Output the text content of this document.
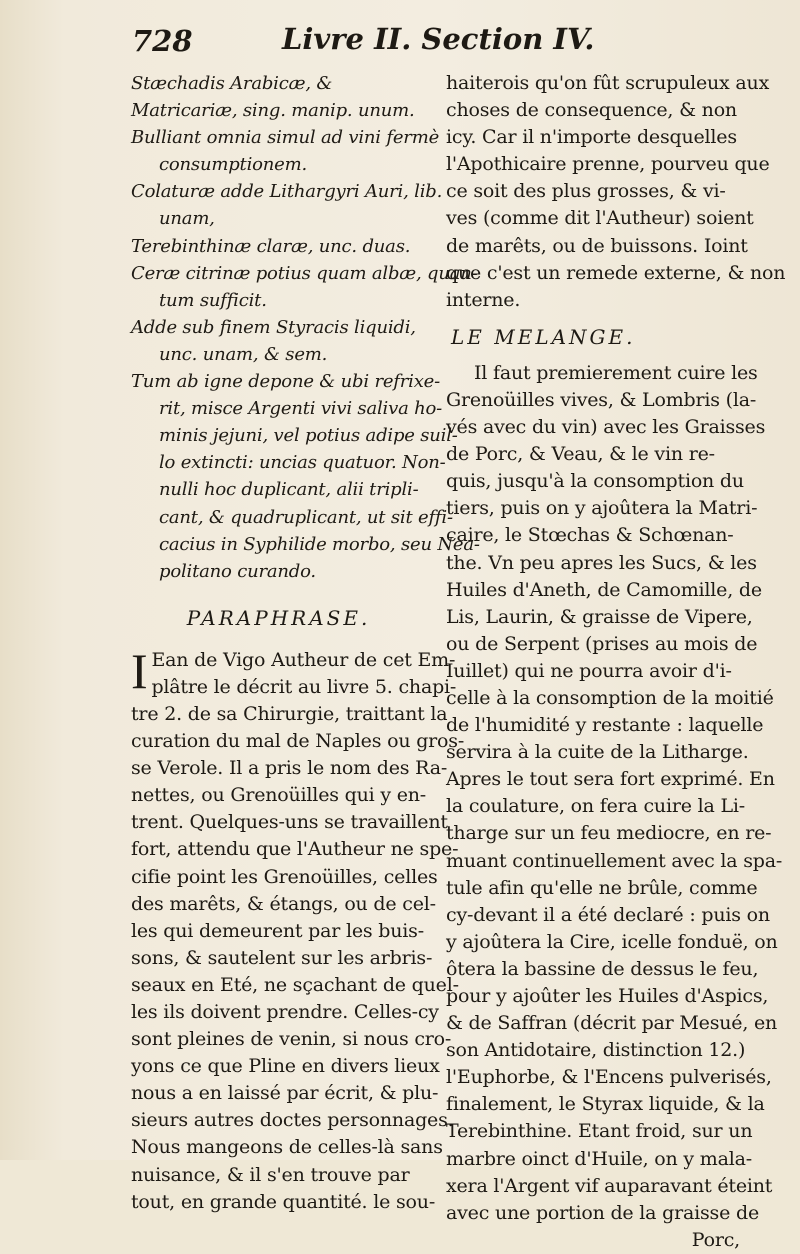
728	Livre II. Section IV.
Stæchadis Arabicæ, &
Matricariæ, sing. manip. unum.
Bulliant omnia simul ad vini fermè
consumptionem.
Colaturæ adde Lithargyri Auri, lib.
unam,
Terebinthinæ claræ, unc. duas.
Ceræ citrinæ potius quam albæ, quan-
tum sufficit.
Adde sub finem Styracis liquidi,
unc. unam, & sem.
Tum ab igne depone & ubi refrixe-
rit, misce Argenti vivi saliva ho-
minis jejuni, vel potius adipe suil-
lo extincti: uncias quatuor. Non-
nulli hoc duplicant, alii tripli-
cant, & quadruplicant, ut sit effi-
cacius in Syphilide morbo, seu Nea-
politano curando.
PARAPHRASE.
I Ean de Vigo Autheur de cet Em-
plâtre le décrit au livre 5. chapi-
tre 2. de sa Chirurgie, traittant la
curation du mal de Naples ou gros-
se Verole. Il a pris le nom des Ra-
nettes, ou Grenoüilles qui y en-
trent. Quelques-uns se travaillent
fort, attendu que l'Autheur ne spe-
cifie point les Grenoüilles, celles
des marêts, & étangs, ou de cel-
les qui demeurent par les buis-
sons, & sautelent sur les arbris-
seaux en Eté, ne sçachant de quel-
les ils doivent prendre. Celles-cy
sont pleines de venin, si nous cro-
yons ce que Pline en divers lieux
nous a en laissé par écrit, & plu-
sieurs autres doctes personnages.
Nous mangeons de celles-là sans
nuisance, & il s'en trouve par
tout, en grande quantité. le sou-
haiterois qu'on fût scrupuleux aux
choses de consequence, & non
icy. Car il n'importe desquelles
l'Apothicaire prenne, pourveu que
ce soit des plus grosses, & vi-
ves (comme dit l'Autheur) soient
de marêts, ou de buissons. Ioint
que c'est un remede externe, & non
interne.
LE MELANGE.
Il faut premierement cuire les
Grenoüilles vives, & Lombris (la-
vés avec du vin) avec les Graisses
de Porc, & Veau, & le vin re-
quis, jusqu'à la consomption du
tiers, puis on y ajoûtera la Matri-
caire, le Stœchas & Schœnan-
the. Vn peu apres les Sucs, & les
Huiles d'Aneth, de Camomille, de
Lis, Laurin, & graisse de Vipere,
ou de Serpent (prises au mois de
Iuillet) qui ne pourra avoir d'i-
celle à la consomption de la moitié
de l'humidité y restante : laquelle
servira à la cuite de la Litharge.
Apres le tout sera fort exprimé. En
la coulature, on fera cuire la Li-
tharge sur un feu mediocre, en re-
muant continuellement avec la spa-
tule afin qu'elle ne brûle, comme
cy-devant il a été declaré : puis on
y ajoûtera la Cire, icelle fonduë, on
ôtera la bassine de dessus le feu,
pour y ajoûter les Huiles d'Aspics,
& de Saffran (décrit par Mesué, en
son Antidotaire, distinction 12.)
l'Euphorbe, & l'Encens pulverisés,
finalement, le Styrax liquide, & la
Terebinthine. Etant froid, sur un
marbre oinct d'Huile, on y mala-
xera l'Argent vif auparavant éteint
avec une portion de la graisse de
Porc,
